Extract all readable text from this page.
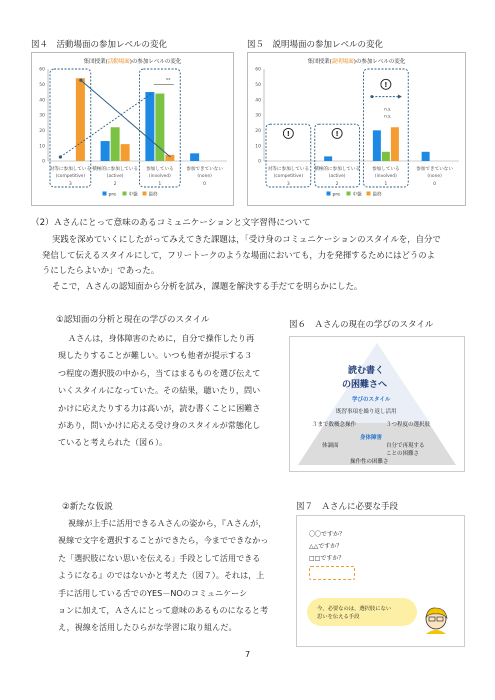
図４　活動場面の参加レベルの変化
集団授業(活動場面)の参加レベルの変化
0
10
20
30
40
50
60
対等に参加している
(competitive)
3
積極的に参加している
(active)
2
参加している
(involved)
1
参加できていない
(none)
0
pre	中盤 最終
**
図５　説明場面の参加レベルの変化
集団授業(説明場面)の参加レベルの変化
0
10
20
30
40
50
60
対等に参加している
(competitive)
3
積極的に参加している
(active)
2
参加している
(involved)
1
参加できていない
(none)
0
pre	中盤 最終
!	!
!
n.s.
n.s.
（2）Ａさんにとって意味のあるコミュニケーションと文字習得について
実践を深めていくにしたがってみえてきた課題は，「受け身のコミュニケーションのスタイルを，自分で
発信して伝えるスタイルにして，フリートークのような場面においても，力を発揮するためにはどうのよ
うにしたらよいか」であった。
そこで，Ａさんの認知面から分析を試み，課題を解決する手だてを明らかにした。
①認知面の分析と現在の学びのスタイル
Ａさんは，身体障害のために，自分で操作したり再
現したりすることが難しい。いつも他者が提示する３
つ程度の選択肢の中から，当てはまるものを選び伝えて
いくスタイルになっていた。その結果，聴いたり，問い
かけに応えたりする力は高いが，読む書くことに困難さ
があり，問いかけに応える受け身のスタイルが常態化し
ていると考えられた（図６）。
図６　Ａさんの現在の学びのスタイル
読む書く
の困難さへ
学びのスタイル
既習事項を繰り返し活用
３まで数概念操作	３つ程度の選択肢
身体障害
体調面	自分で再現する
ことの困難さ
操作性の困難さ
②新たな仮説
視線が上手に活用できるＡさんの姿から，『Ａさんが，
視線で文字を選択することができたら，今までできなかっ
た「選択肢にない思いを伝える」手段として活用できる
ようになる』のではないかと考えた（図７）。それは，上
手に活用している舌でのYES－NOのコミュニケーシ
ョンに加えて，Ａさんにとって意味のあるものになると考
え，視線を活用したひらがな学習に取り組んだ。
図７　Ａさんに必要な手段
〇〇ですか？
△△ですか？
□□ですか？
今，必要なのは，選択肢にない
思いを伝える手段
7
